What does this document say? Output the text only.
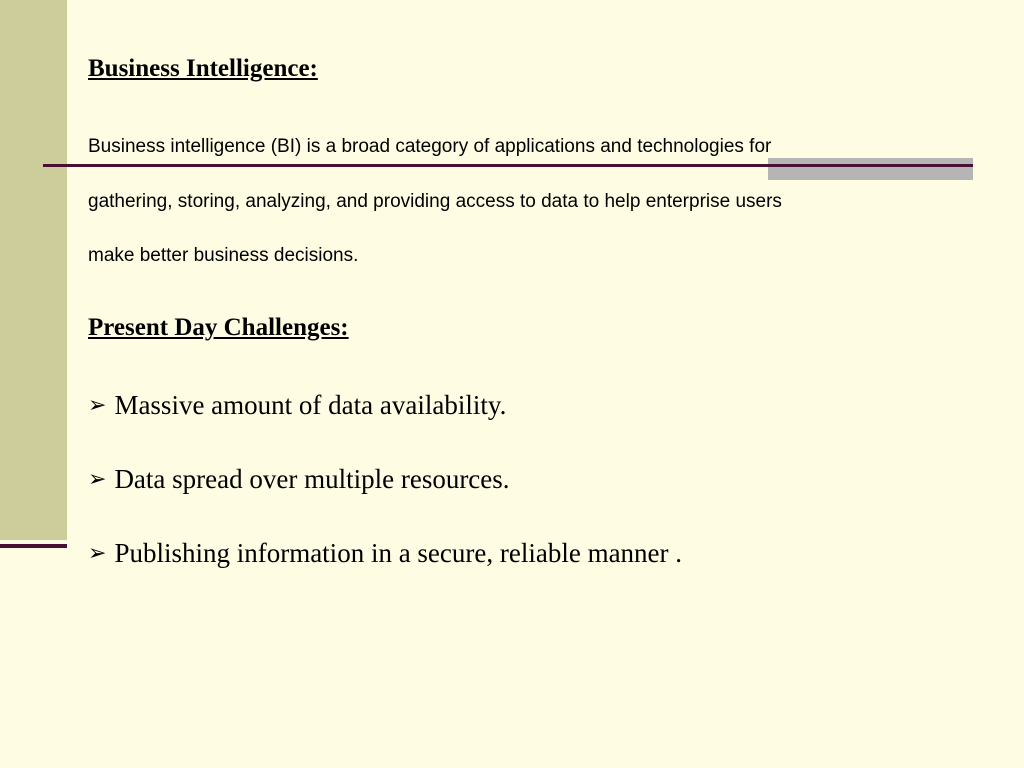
Business Intelligence:

Business intelligence (BI) is a broad category of applications and technologies for
gathering, storing, analyzing, and providing access to data to help enterprise users
make better business decisions.

Present Day Challenges:
➢ Massive amount of data availability.
➢ Data spread over multiple resources.
➢ Publishing information in a secure, reliable manner .
